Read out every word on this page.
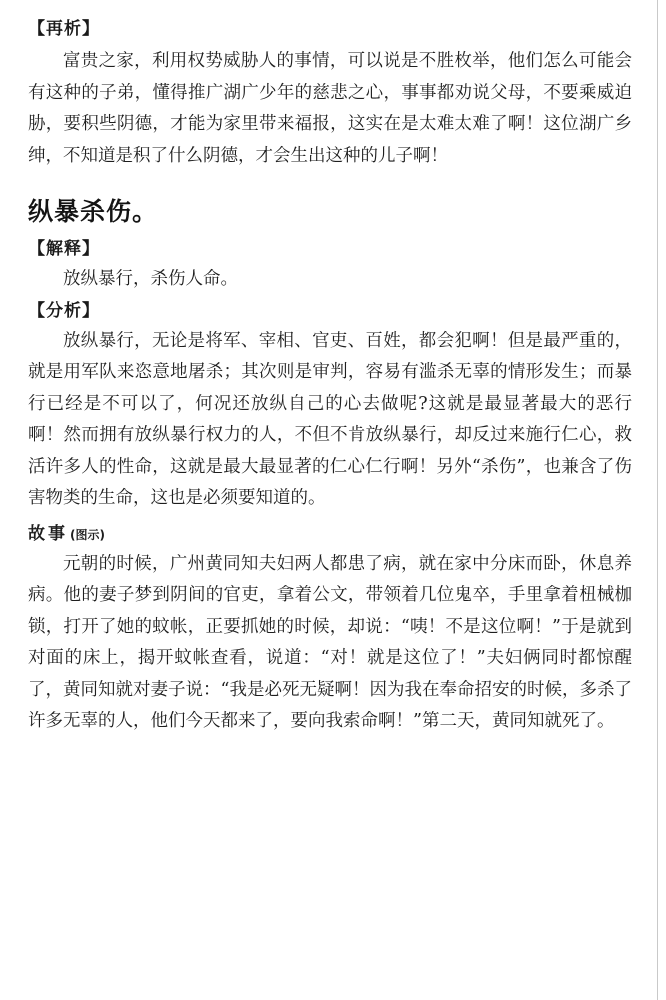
【再析】

富贵之家，利用权势威胁人的事情，可以说是不胜枚举，他们怎么可能会有这种的子弟，懂得推广湖广少年的慈悲之心，事事都劝说父母，不要乘威迫胁，要积些阴德，才能为家里带来福报，这实在是太难太难了啊！这位湖广乡绅，不知道是积了什么阴德，才会生出这种的儿子啊！

纵暴杀伤。
【解释】

放纵暴行，杀伤人命。

【分析】

放纵暴行，无论是将军、宰相、官吏、百姓，都会犯啊！但是最严重的，就是用军队来恣意地屠杀；其次则是审判，容易有滥杀无辜的情形发生；而暴行已经是不可以了，何况还放纵自己的心去做呢?这就是最显著最大的恶行啊！然而拥有放纵暴行权力的人，不但不肯放纵暴行，却反过来施行仁心，救活许多人的性命，这就是最大最显著的仁心仁行啊！另外“杀伤”，也兼含了伤害物类的生命，这也是必须要知道的。

故事 (图示)

元朝的时候，广州黄同知夫妇两人都患了病，就在家中分床而卧，休息养病。他的妻子梦到阴间的官吏，拿着公文，带领着几位鬼卒，手里拿着杻械枷锁，打开了她的蚊帐，正要抓她的时候，却说：“咦！不是这位啊！”于是就到对面的床上，揭开蚊帐查看，说道：“对！就是这位了！”夫妇俩同时都惊醒了，黄同知就对妻子说：“我是必死无疑啊！因为我在奉命招安的时候，多杀了许多无辜的人，他们今天都来了，要向我索命啊！”第二天，黄同知就死了。
